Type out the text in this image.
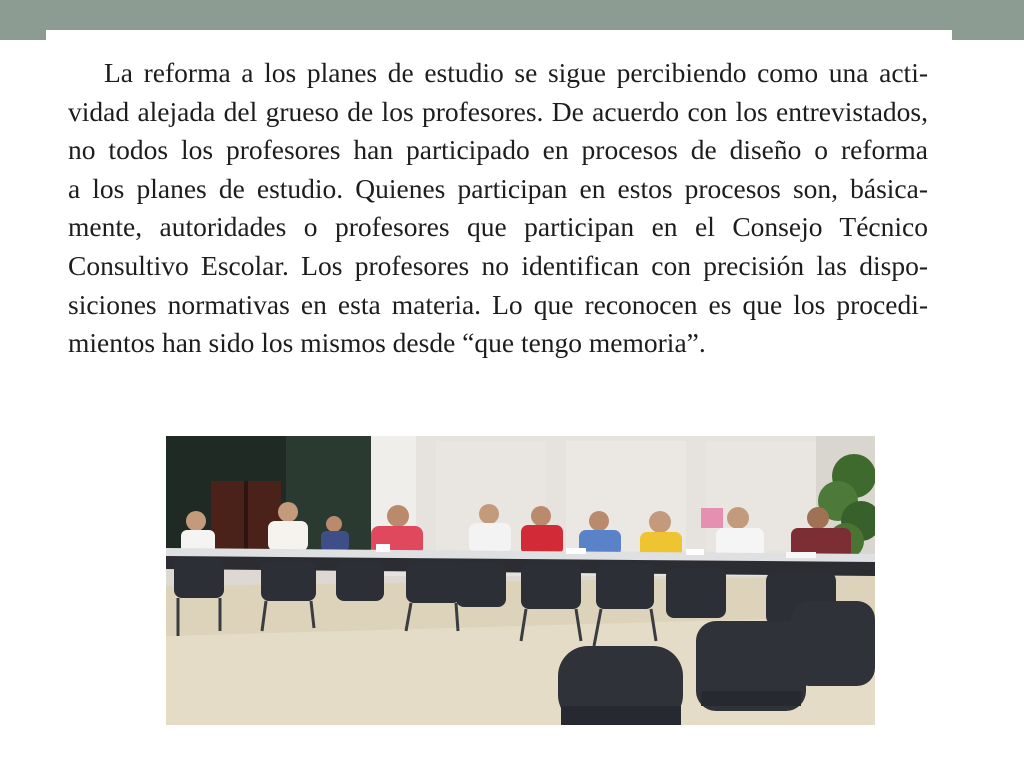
La reforma a los planes de estudio se sigue percibiendo como una acti-
vidad alejada del grueso de los profesores. De acuerdo con los entrevistados,
no todos los profesores han participado en procesos de diseño o reforma
a los planes de estudio. Quienes participan en estos procesos son, básica-
mente, autoridades o profesores que participan en el Consejo Técnico
Consultivo Escolar. Los profesores no identifican con precisión las dispo-
siciones normativas en esta materia. Lo que reconocen es que los procedi-
mientos han sido los mismos desde “que tengo memoria”.
